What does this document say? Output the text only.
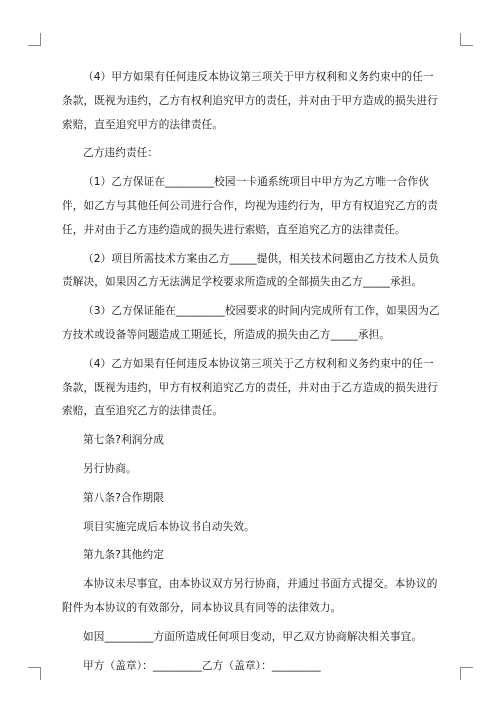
（4）甲方如果有任何违反本协议第三项关于甲方权利和义务约束中的任一条款，既视为违约，乙方有权利追究甲方的责任，并对由于甲方造成的损失进行索赔，直至追究甲方的法律责任。

乙方违约责任：

（1）乙方保证在_________校园一卡通系统项目中甲方为乙方唯一合作伙伴，如乙方与其他任何公司进行合作，均视为违约行为，甲方有权追究乙方的责任，并对由于乙方违约造成的损失进行索赔，直至追究乙方的法律责任。

（2）项目所需技术方案由乙方_____提供，相关技术问题由乙方技术人员负责解决，如果因乙方无法满足学校要求所造成的全部损失由乙方_____承担。

（3）乙方保证能在_________校园要求的时间内完成所有工作，如果因为乙方技术或设备等问题造成工期延长，所造成的损失由乙方_____承担。

（4）乙方如果有任何违反本协议第三项关于乙方权利和义务约束中的任一条款，既视为违约，甲方有权利追究乙方的责任，并对由于乙方造成的损失进行索赔，直至追究乙方的法律责任。

第七条?利润分成

另行协商。

第八条?合作期限

项目实施完成后本协议书自动失效。

第九条?其他约定

本协议未尽事宜，由本协议双方另行协商，并通过书面方式提交。本协议的附件为本协议的有效部分，同本协议具有同等的法律效力。

如因_________方面所造成任何项目变动，甲乙双方协商解决相关事宜。

甲方（盖章）：_________乙方（盖章）：_________
